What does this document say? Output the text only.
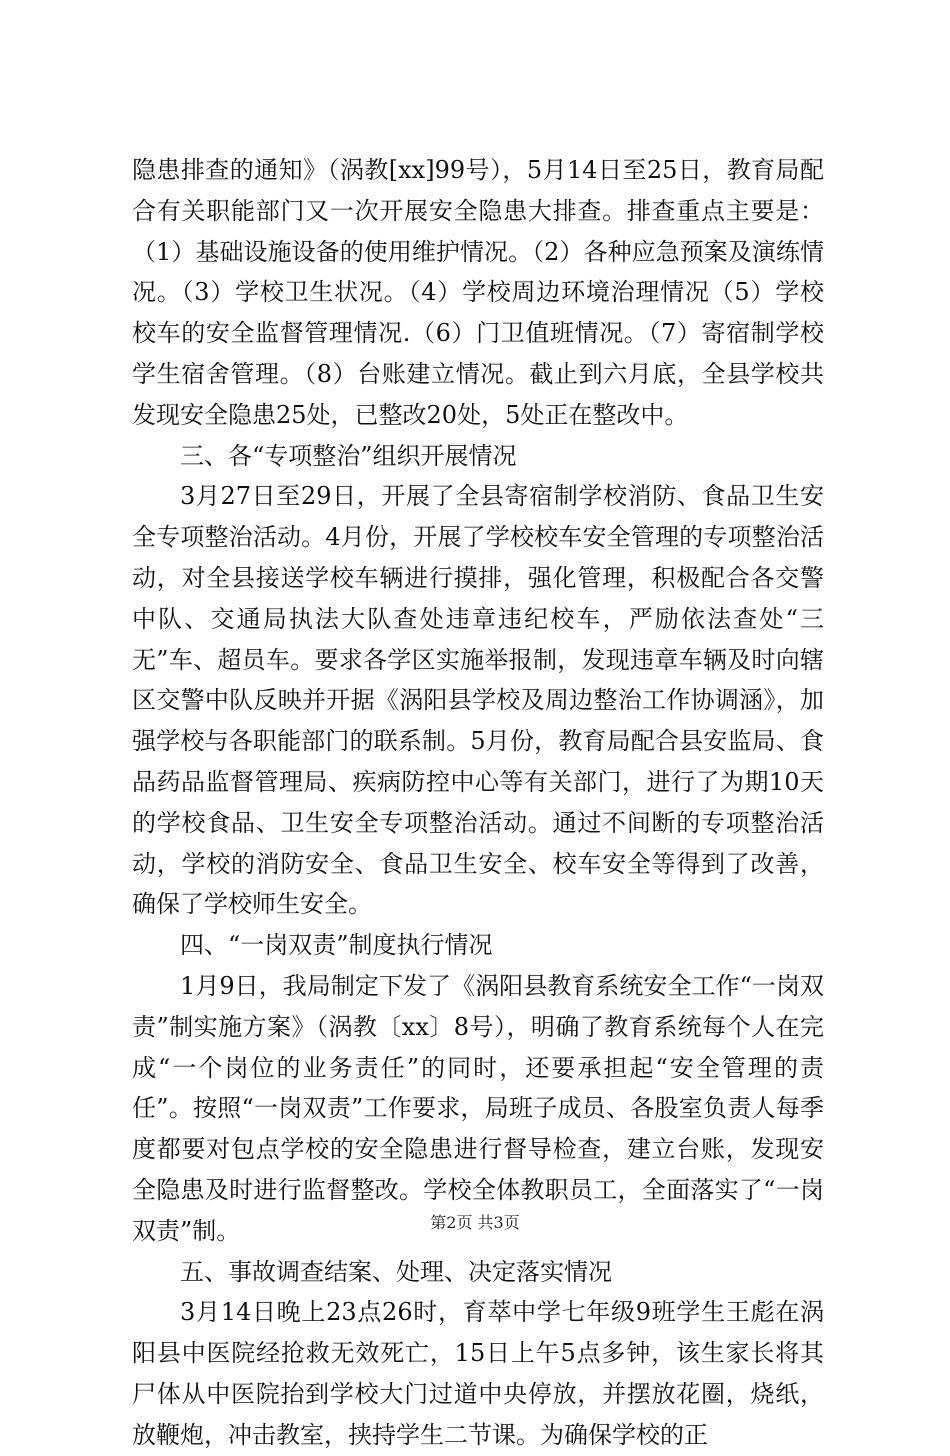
隐患排查的通知》（涡教[xx]99号），5月14日至25日，教育局配合有关职能部门又一次开展安全隐患大排查。排查重点主要是：（1）基础设施设备的使用维护情况。（2）各种应急预案及演练情况。（3）学校卫生状况。（4）学校周边环境治理情况（5）学校校车的安全监督管理情况.（6）门卫值班情况。（7）寄宿制学校学生宿舍管理。（8）台账建立情况。截止到六月底，全县学校共发现安全隐患25处，已整改20处，5处正在整改中。

三、各“专项整治”组织开展情况

3月27日至29日，开展了全县寄宿制学校消防、食品卫生安全专项整治活动。4月份，开展了学校校车安全管理的专项整治活动，对全县接送学校车辆进行摸排，强化管理，积极配合各交警中队、交通局执法大队查处违章违纪校车，严励依法查处“三无”车、超员车。要求各学区实施举报制，发现违章车辆及时向辖区交警中队反映并开据《涡阳县学校及周边整治工作协调涵》，加强学校与各职能部门的联系制。5月份，教育局配合县安监局、食品药品监督管理局、疾病防控中心等有关部门，进行了为期10天的学校食品、卫生安全专项整治活动。通过不间断的专项整治活动，学校的消防安全、食品卫生安全、校车安全等得到了改善，确保了学校师生安全。

四、“一岗双责”制度执行情况

1月9日，我局制定下发了《涡阳县教育系统安全工作“一岗双责”制实施方案》（涡教〔xx〕8号），明确了教育系统每个人在完成“一个岗位的业务责任”的同时，还要承担起“安全管理的责任”。按照“一岗双责”工作要求，局班子成员、各股室负责人每季度都要对包点学校的安全隐患进行督导检查，建立台账，发现安全隐患及时进行监督整改。学校全体教职员工，全面落实了“一岗双责”制。

五、事故调查结案、处理、决定落实情况

3月14日晚上23点26时，育萃中学七年级9班学生王彪在涡阳县中医院经抢救无效死亡，15日上午5点多钟，该生家长将其尸体从中医院抬到学校大门过道中央停放，并摆放花圈，烧纸，放鞭炮，冲击教室，挟持学生二节课。为确保学校的正

第2页 共3页
